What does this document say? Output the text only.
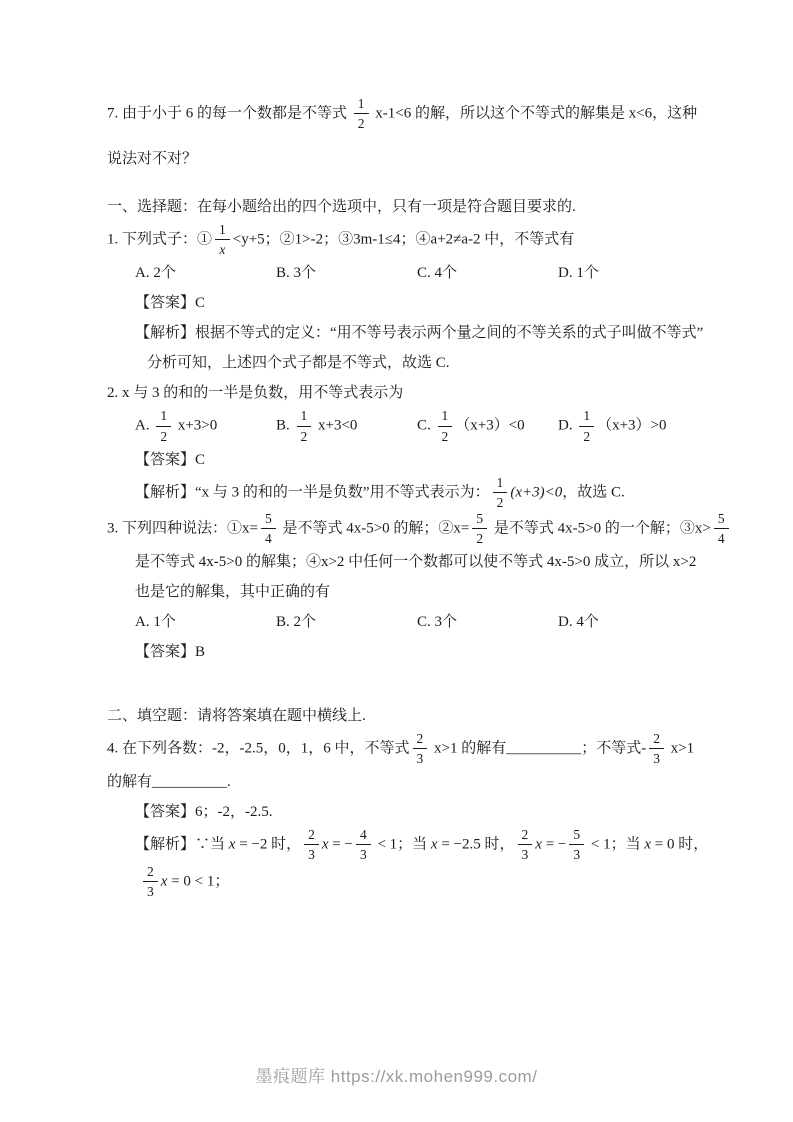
7. 由于小于 6 的每一个数都是不等式 $\frac{1}{2} x-1<6$ 的解，所以这个不等式的解集是 x<6，这种
说法对不对？
一、选择题：在每小题给出的四个选项中，只有一项是符合题目要求的.
1. 下列式子：① $\frac{1}{x} <y+5$；②1>-2；③3m-1≤4；④a+2≠a-2 中，不等式有
A. 2个	B. 3个	C. 4个	D. 1个
【答案】C
【解析】根据不等式的定义：“用不等号表示两个量之间的不等关系的式子叫做不等式”
分析可知，上述四个式子都是不等式，故选 C.
2. x 与 3 的和的一半是负数，用不等式表示为
A. $\frac{1}{2} x+3>0$	B. $\frac{1}{2} x+3<0$	C. $\frac{1}{2} (x+3)<0$	D. $\frac{1}{2} (x+3)>0$
【答案】C
【解析】“x 与 3 的和的一半是负数”用不等式表示为： $\frac{1}{2} (x+3)<0$，故选 C.
3. 下列四种说法：①x= $\frac{5}{4}$ 是不等式 4x-5>0 的解；②x= $\frac{5}{2}$ 是不等式 4x-5>0 的一个解；③x> $\frac{5}{4}$
是不等式 4x-5>0 的解集；④x>2 中任何一个数都可以使不等式 4x-5>0 成立，所以 x>2
也是它的解集，其中正确的有
A. 1个	B. 2个	C. 3个	D. 4个
【答案】B
二、填空题：请将答案填在题中横线上.
4. 在下列各数：-2，-2.5，0，1，6 中，不等式 $\frac{2}{3} x>1$ 的解有__________；不等式- $\frac{2}{3} x>1$
的解有__________.
【答案】6；-2，-2.5.
【解析】∵当 x = −2 时， $\frac{2}{3}$ x = − $\frac{4}{3} < 1$；当 x = −2.5 时， $\frac{2}{3}$ x = − $\frac{5}{3} < 1$；当 x = 0 时，
$\frac{2}{3}$ x = 0 < 1；
墨痕题库 https://xk.mohen999.com/
